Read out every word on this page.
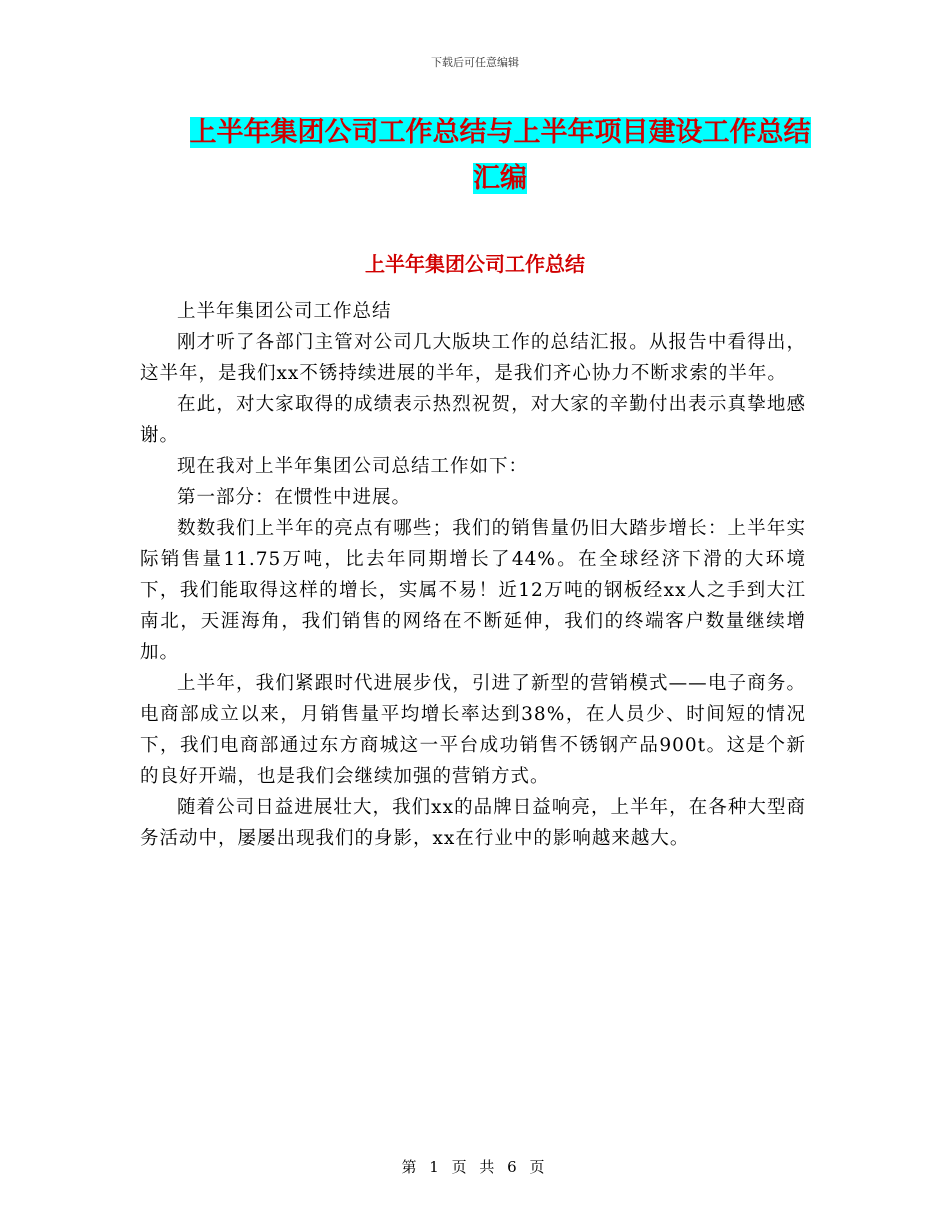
下载后可任意编辑
上半年集团公司工作总结与上半年项目建设工作总结
汇编
上半年集团公司工作总结

上半年集团公司工作总结

刚才听了各部门主管对公司几大版块工作的总结汇报。从报告中看得出，这半年，是我们xx不锈持续进展的半年，是我们齐心协力不断求索的半年。

在此，对大家取得的成绩表示热烈祝贺，对大家的辛勤付出表示真挚地感谢。

现在我对上半年集团公司总结工作如下：

第一部分：在惯性中进展。

数数我们上半年的亮点有哪些；我们的销售量仍旧大踏步增长：上半年实际销售量11.75万吨，比去年同期增长了44%。在全球经济下滑的大环境下，我们能取得这样的增长，实属不易！近12万吨的钢板经xx人之手到大江南北，天涯海角，我们销售的网络在不断延伸，我们的终端客户数量继续增加。

上半年，我们紧跟时代进展步伐，引进了新型的营销模式——电子商务。电商部成立以来，月销售量平均增长率达到38%，在人员少、时间短的情况下，我们电商部通过东方商城这一平台成功销售不锈钢产品900t。这是个新的良好开端，也是我们会继续加强的营销方式。

随着公司日益进展壮大，我们xx的品牌日益响亮，上半年，在各种大型商务活动中，屡屡出现我们的身影，xx在行业中的影响越来越大。

第 1 页 共 6 页
